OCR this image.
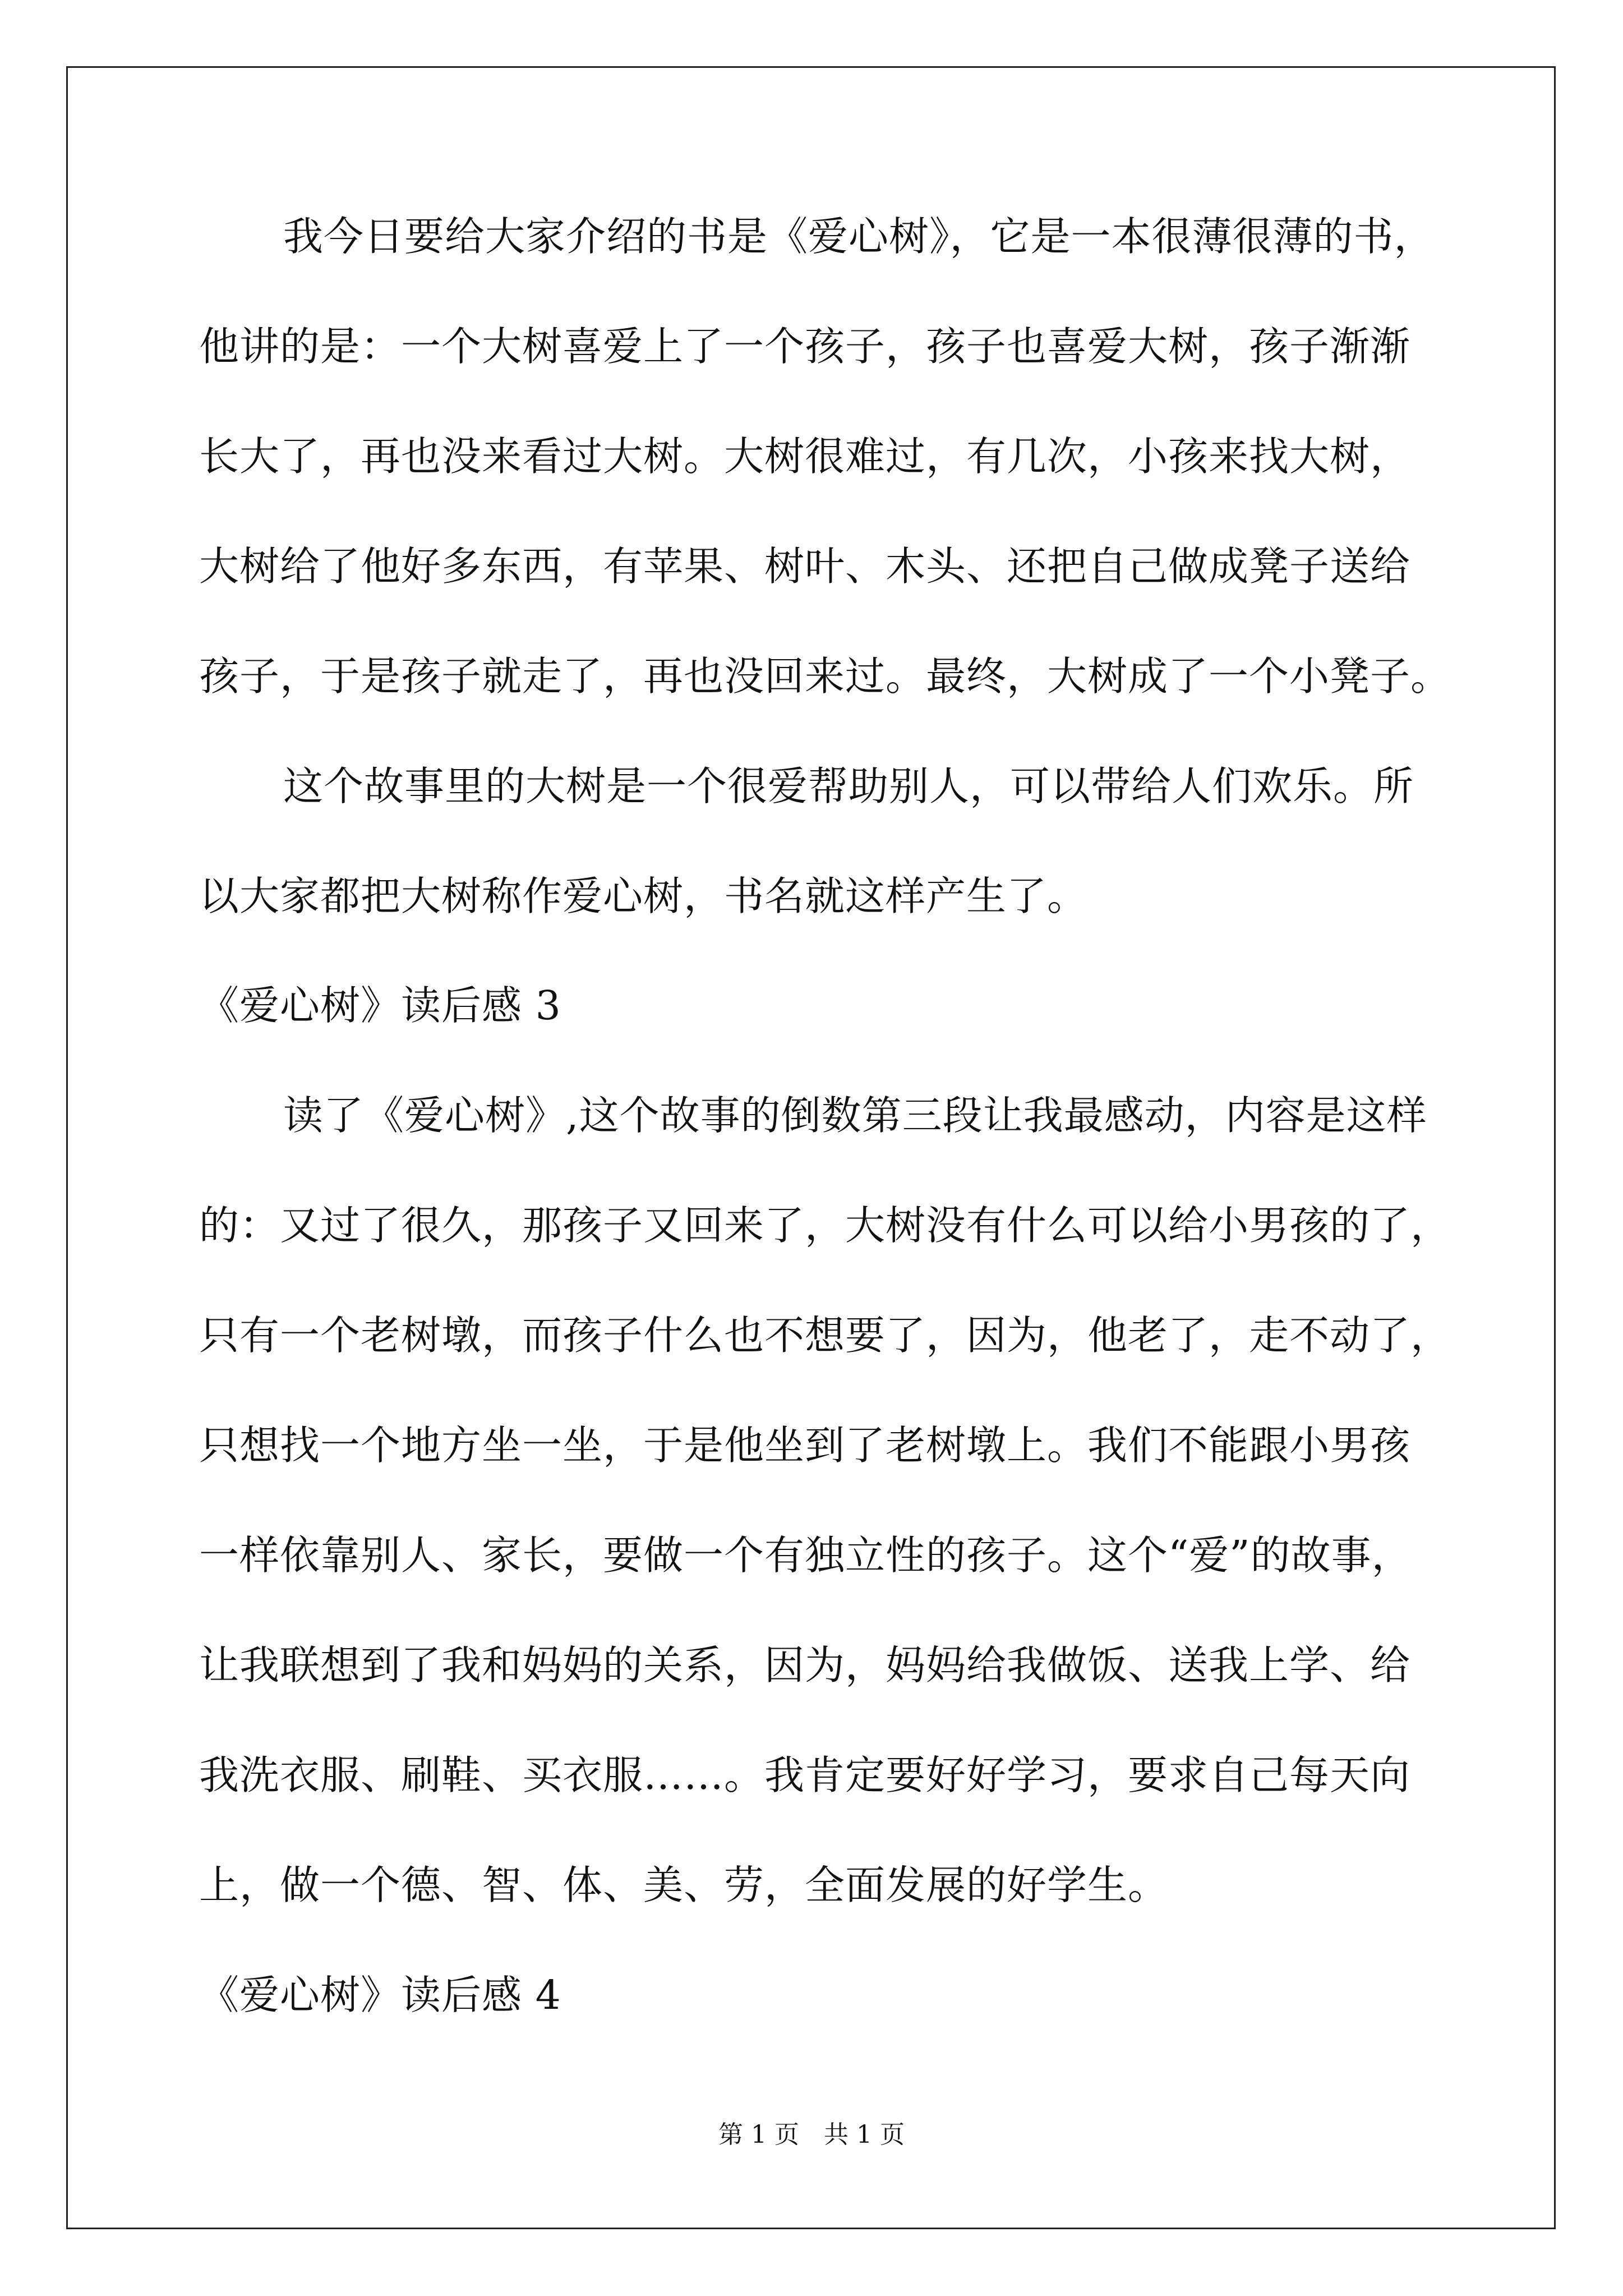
我今日要给大家介绍的书是《爱心树》，它是一本很薄很薄的书，
他讲的是：一个大树喜爱上了一个孩子，孩子也喜爱大树，孩子渐渐
长大了，再也没来看过大树。大树很难过，有几次，小孩来找大树，
大树给了他好多东西，有苹果、树叶、木头、还把自己做成凳子送给
孩子，于是孩子就走了，再也没回来过。最终，大树成了一个小凳子。
这个故事里的大树是一个很爱帮助别人，可以带给人们欢乐。所
以大家都把大树称作爱心树，书名就这样产生了。
《爱心树》读后感 3
读了《爱心树》,这个故事的倒数第三段让我最感动，内容是这样
的：又过了很久，那孩子又回来了，大树没有什么可以给小男孩的了，
只有一个老树墩，而孩子什么也不想要了，因为，他老了，走不动了，
只想找一个地方坐一坐，于是他坐到了老树墩上。我们不能跟小男孩
一样依靠别人、家长，要做一个有独立性的孩子。这个“爱”的故事，
让我联想到了我和妈妈的关系，因为，妈妈给我做饭、送我上学、给
我洗衣服、刷鞋、买衣服……。我肯定要好好学习，要求自己每天向
上，做一个德、智、体、美、劳，全面发展的好学生。
《爱心树》读后感 4
第 1 页 共 1 页
